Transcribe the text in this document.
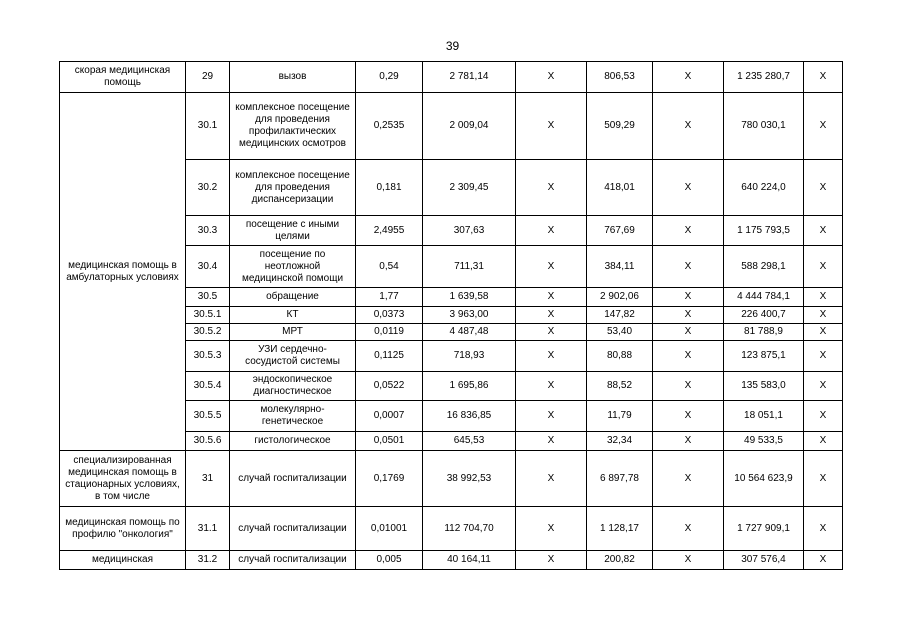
39
скорая медицинская помощь	29	вызов	0,29	2 781,14	X	806,53	X	1 235 280,7	X
медицинская помощь в амбулаторных условиях	30.1	комплексное посещение для проведения профилактических медицинских осмотров	0,2535	2 009,04	X	509,29	X	780 030,1	X
	30.2	комплексное посещение для проведения диспансеризации	0,181	2 309,45	X	418,01	X	640 224,0	X
	30.3	посещение с иными целями	2,4955	307,63	X	767,69	X	1 175 793,5	X
	30.4	посещение по неотложной медицинской помощи	0,54	711,31	X	384,11	X	588 298,1	X
	30.5	обращение	1,77	1 639,58	X	2 902,06	X	4 444 784,1	X
	30.5.1	КТ	0,0373	3 963,00	X	147,82	X	226 400,7	X
	30.5.2	МРТ	0,0119	4 487,48	X	53,40	X	81 788,9	X
	30.5.3	УЗИ сердечно-сосудистой системы	0,1125	718,93	X	80,88	X	123 875,1	X
	30.5.4	эндоскопическое диагностическое	0,0522	1 695,86	X	88,52	X	135 583,0	X
	30.5.5	молекулярно-генетическое	0,0007	16 836,85	X	11,79	X	18 051,1	X
	30.5.6	гистологическое	0,0501	645,53	X	32,34	X	49 533,5	X
специализированная медицинская помощь в стационарных условиях, в том числе	31	случай госпитализации	0,1769	38 992,53	X	6 897,78	X	10 564 623,9	X
медицинская помощь по профилю "онкология"	31.1	случай госпитализации	0,01001	112 704,70	X	1 128,17	X	1 727 909,1	X
медицинская	31.2	случай госпитализации	0,005	40 164,11	X	200,82	X	307 576,4	X
